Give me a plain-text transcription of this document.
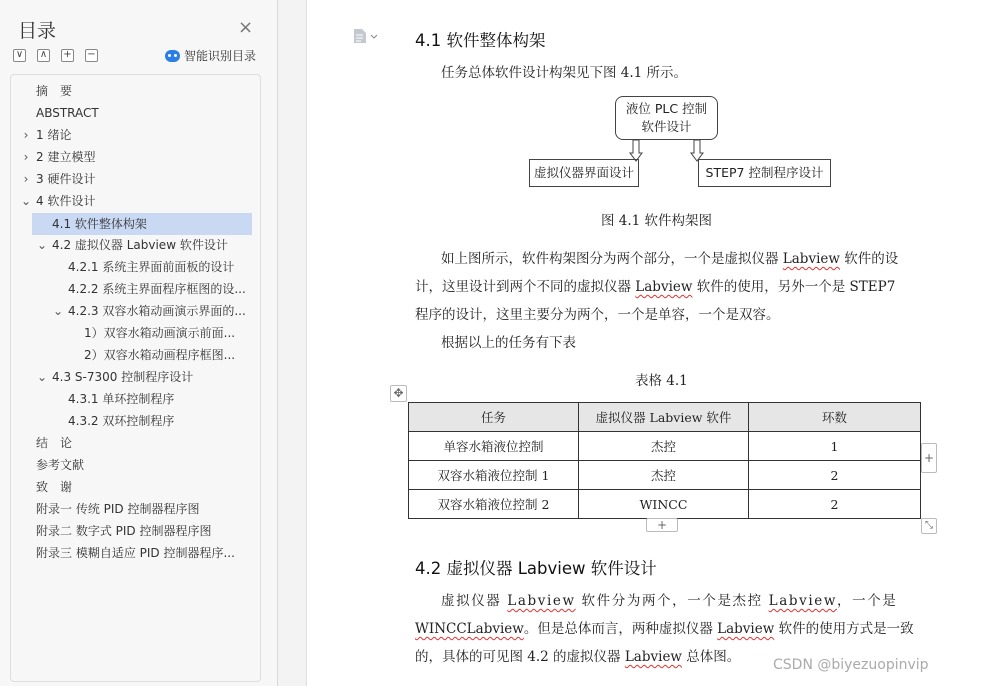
目录	×
∨ ∧ + −	智能识别目录
摘　要
ABSTRACT
› 1 绪论
› 2 建立模型
› 3 硬件设计
⌄ 4 软件设计
4.1 软件整体构架
⌄ 4.2 虚拟仪器 Labview 软件设计
4.2.1 系统主界面前面板的设计
4.2.2 系统主界面程序框图的设...
⌄ 4.2.3 双容水箱动画演示界面的...
1）双容水箱动画演示前面...
2）双容水箱动画程序框图...
⌄ 4.3 S-7300 控制程序设计
4.3.1 单环控制程序
4.3.2 双环控制程序
结　论
参考文献
致　谢
附录一 传统 PID 控制器程序图
附录二 数字式 PID 控制器程序图
附录三 模糊自适应 PID 控制器程序...
4.1 软件整体构架
任务总体软件设计构架见下图 4.1 所示。
液位 PLC 控制
软件设计
虚拟仪器界面设计	STEP7 控制程序设计
图 4.1 软件构架图
如上图所示，软件构架图分为两个部分，一个是虚拟仪器 Labview 软件的设
计，这里设计到两个不同的虚拟仪器 Labview 软件的使用，另外一个是 STEP7
程序的设计，这里主要分为两个，一个是单容，一个是双容。
根据以上的任务有下表
表格 4.1
✥
任务	虚拟仪器 Labview 软件	环数
单容水箱液位控制	杰控	1
双容水箱液位控制 1	杰控	2
双容水箱液位控制 2	WINCC	2
+
+	⤡
4.2 虚拟仪器 Labview 软件设计
虚拟仪器 Labview 软件分为两个，一个是杰控 Labview，一个是
WINCCLabview。但是总体而言，两种虚拟仪器 Labview 软件的使用方式是一致
的，具体的可见图 4.2 的虚拟仪器 Labview 总体图。 CSDN @biyezuopinvip
